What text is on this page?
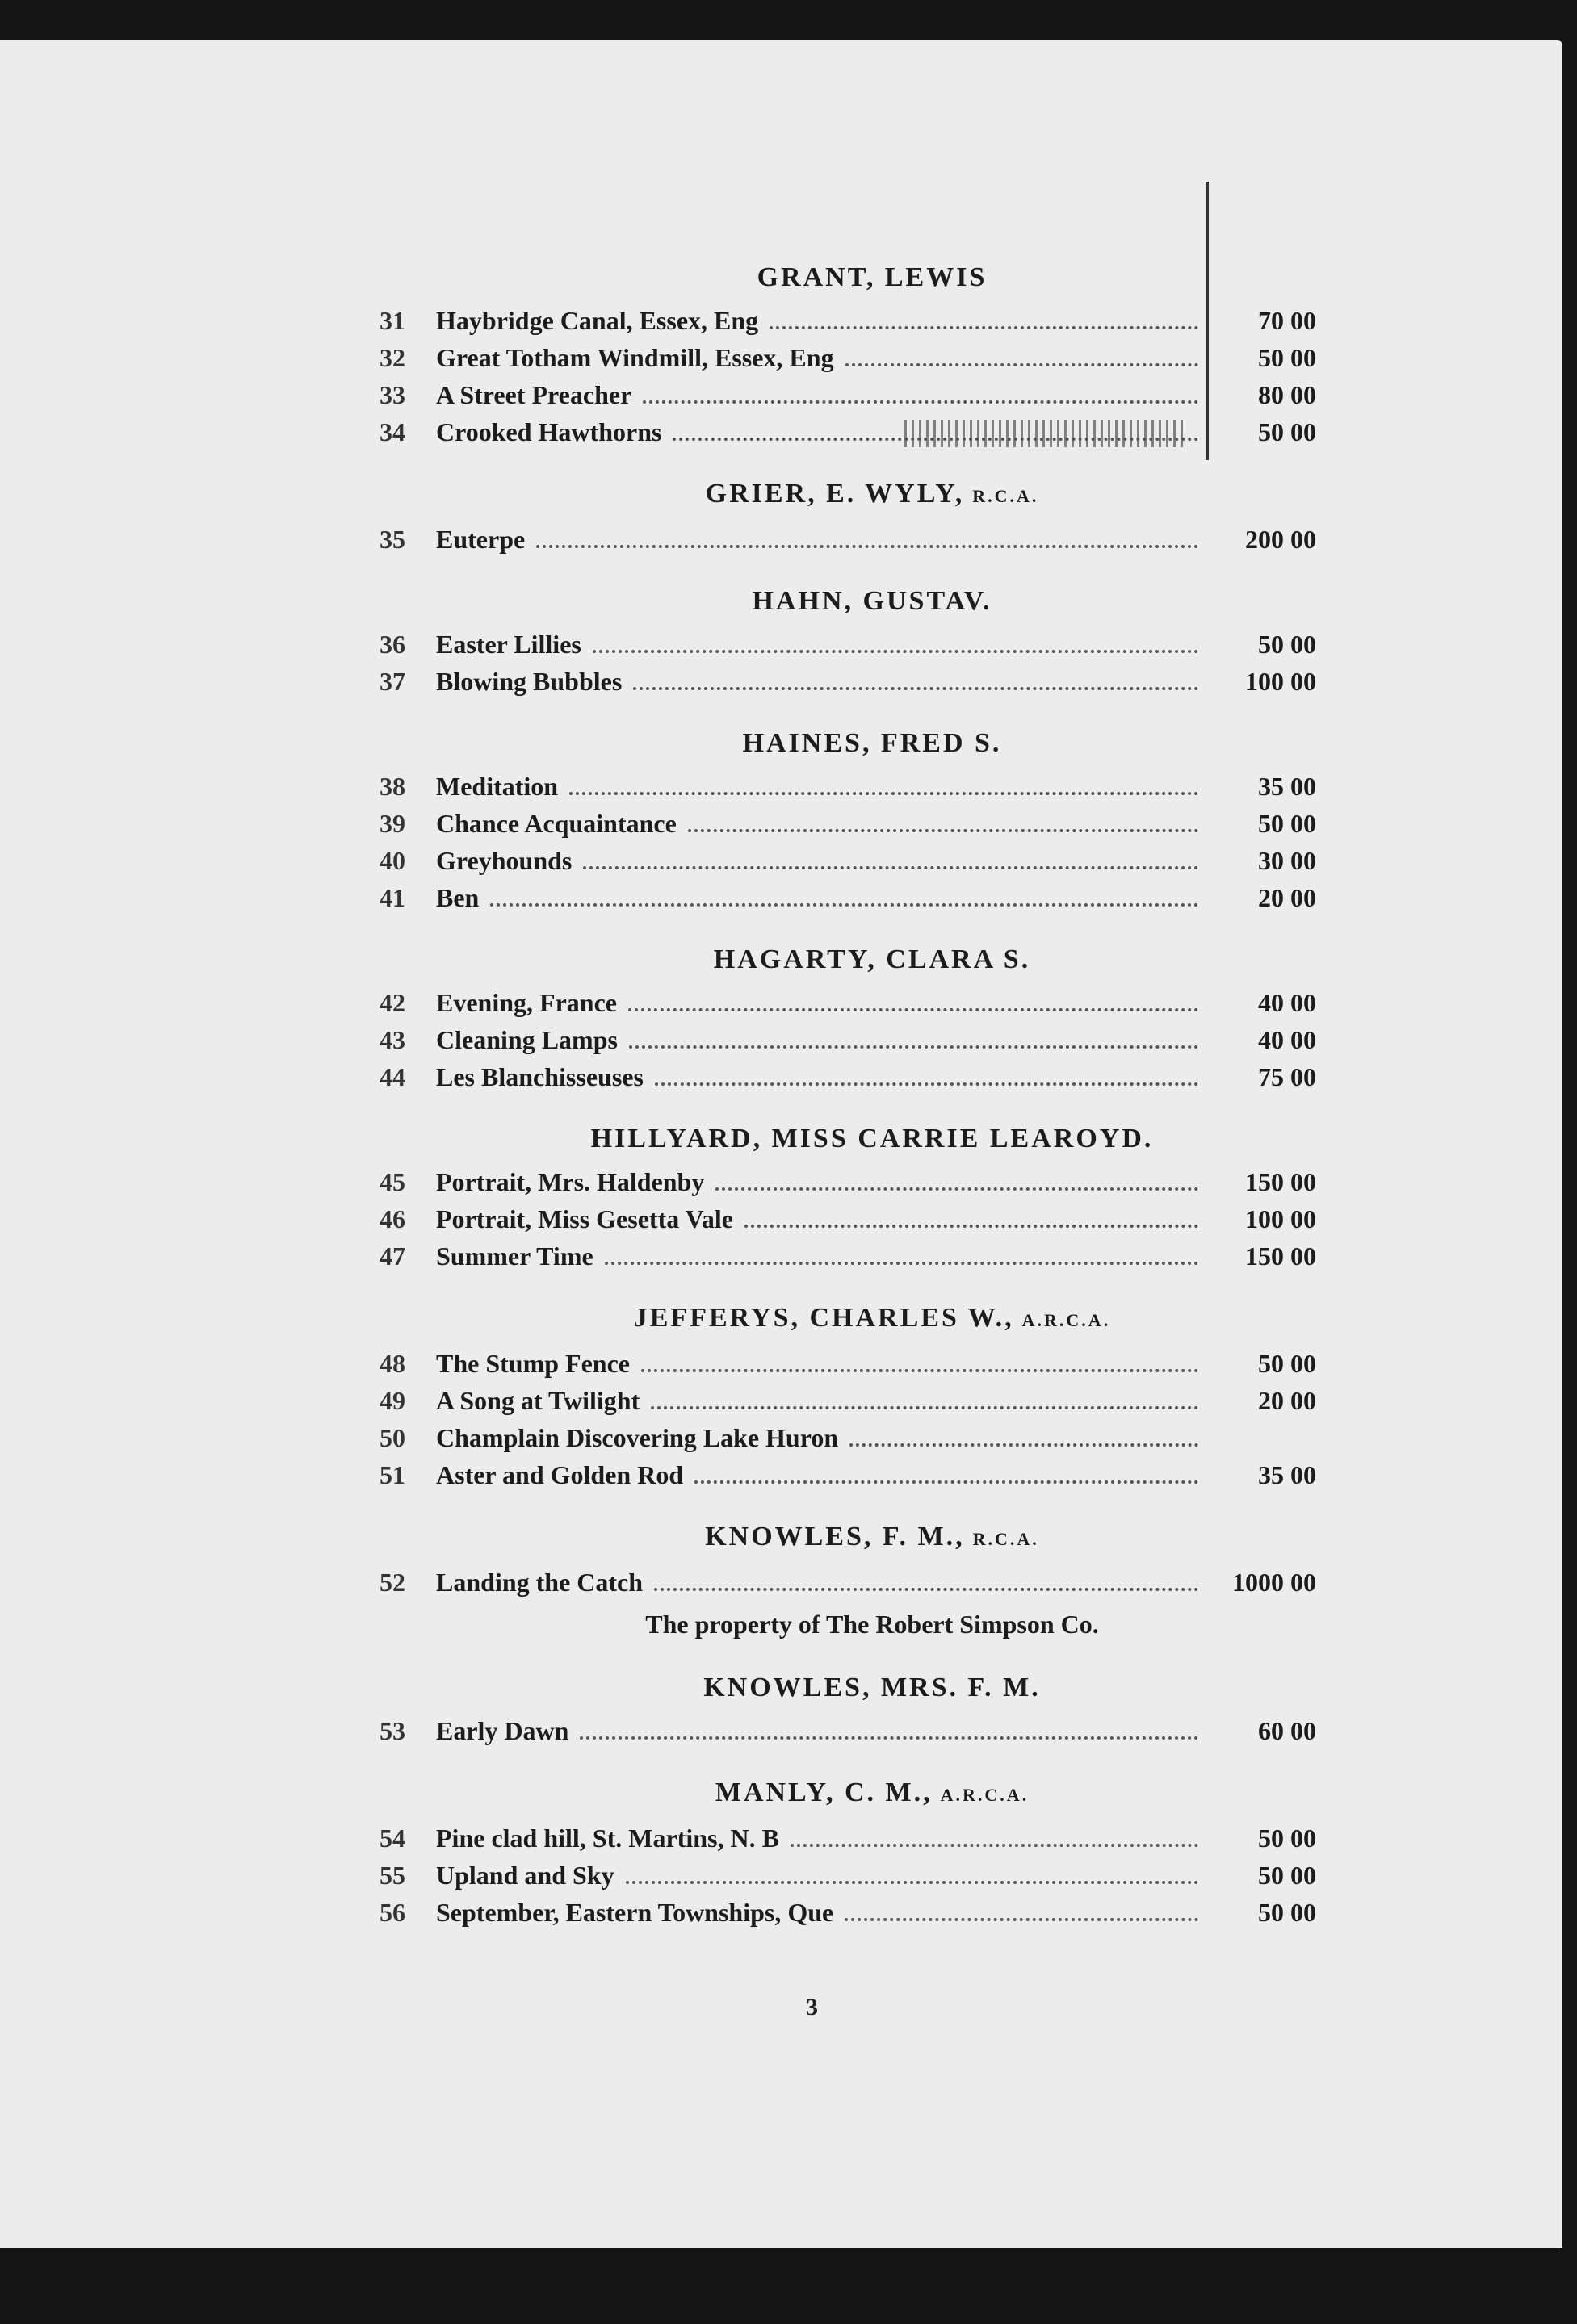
GRANT, LEWIS
31	Haybridge Canal, Essex, Eng	70 00
32	Great Totham Windmill, Essex, Eng	50 00
33	A Street Preacher	80 00
34	Crooked Hawthorns	50 00
GRIER, E. WYLY, R.C.A.
35	Euterpe	200 00
HAHN, GUSTAV.
36	Easter Lillies	50 00
37	Blowing Bubbles	100 00
HAINES, FRED S.
38	Meditation	35 00
39	Chance Acquaintance	50 00
40	Greyhounds	30 00
41	Ben	20 00
HAGARTY, CLARA S.
42	Evening, France	40 00
43	Cleaning Lamps	40 00
44	Les Blanchisseuses	75 00
HILLYARD, MISS CARRIE LEAROYD.
45	Portrait, Mrs. Haldenby	150 00
46	Portrait, Miss Gesetta Vale	100 00
47	Summer Time	150 00
JEFFERYS, CHARLES W., A.R.C.A.
48	The Stump Fence	50 00
49	A Song at Twilight	20 00
50	Champlain Discovering Lake Huron
51	Aster and Golden Rod	35 00
KNOWLES, F. M., R.C.A.
52	Landing the Catch	1000 00
The property of The Robert Simpson Co.
KNOWLES, MRS. F. M.
53	Early Dawn	60 00
MANLY, C. M., A.R.C.A.
54	Pine clad hill, St. Martins, N. B	50 00
55	Upland and Sky	50 00
56	September, Eastern Townships, Que	50 00
3
